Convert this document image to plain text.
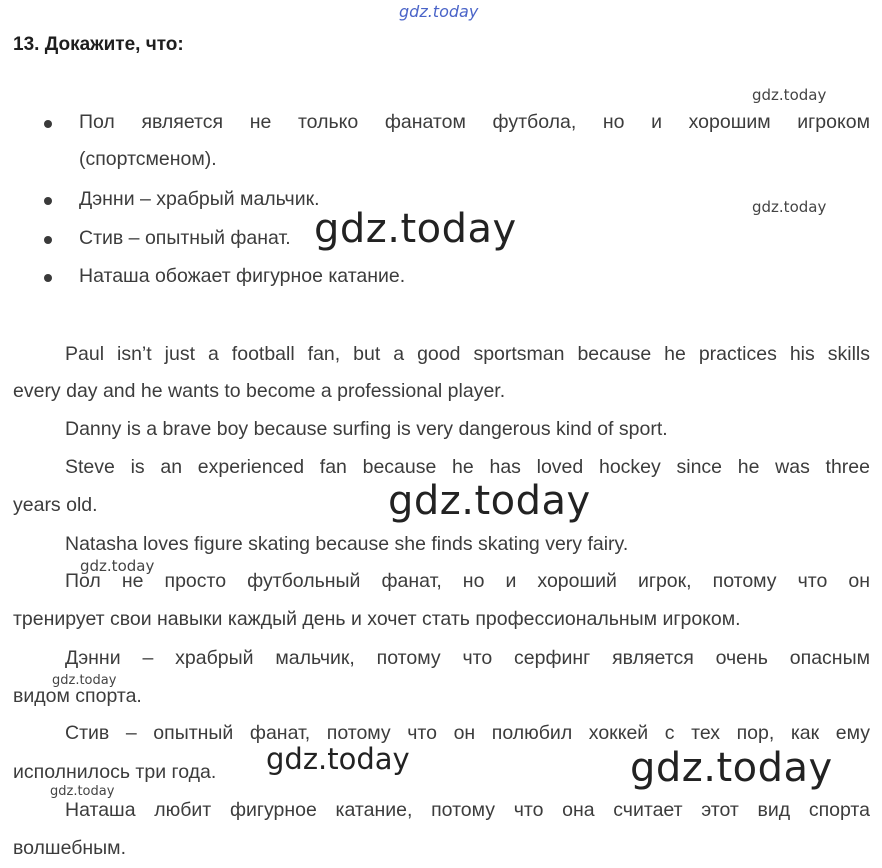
gdz.today
13. Докажите, что:
gdz.today
gdz.today
Пол является не только фанатом футбола, но и хорошим игроком
(спортсменом).
Дэнни – храбрый мальчик.
Стив – опытный фанат.
Наташа обожает фигурное катание.
gdz.today
Paul isn’t just a football fan, but a good sportsman because he practices his skills
every day and he wants to become a professional player.
Danny is a brave boy because surfing is very dangerous kind of sport.
Steve is an experienced fan because he has loved hockey since he was three
years old.
Natasha loves figure skating because she finds skating very fairy.
gdz.today
gdz.today
Пол не просто футбольный фанат, но и хороший игрок, потому что он
тренирует свои навыки каждый день и хочет стать профессиональным игроком.
Дэнни – храбрый мальчик, потому что серфинг является очень опасным
видом спорта.
Стив – опытный фанат, потому что он полюбил хоккей с тех пор, как ему
исполнилось три года.
Наташа любит фигурное катание, потому что она считает этот вид спорта
волшебным.
gdz.today
gdz.today
gdz.today	gdz.today
